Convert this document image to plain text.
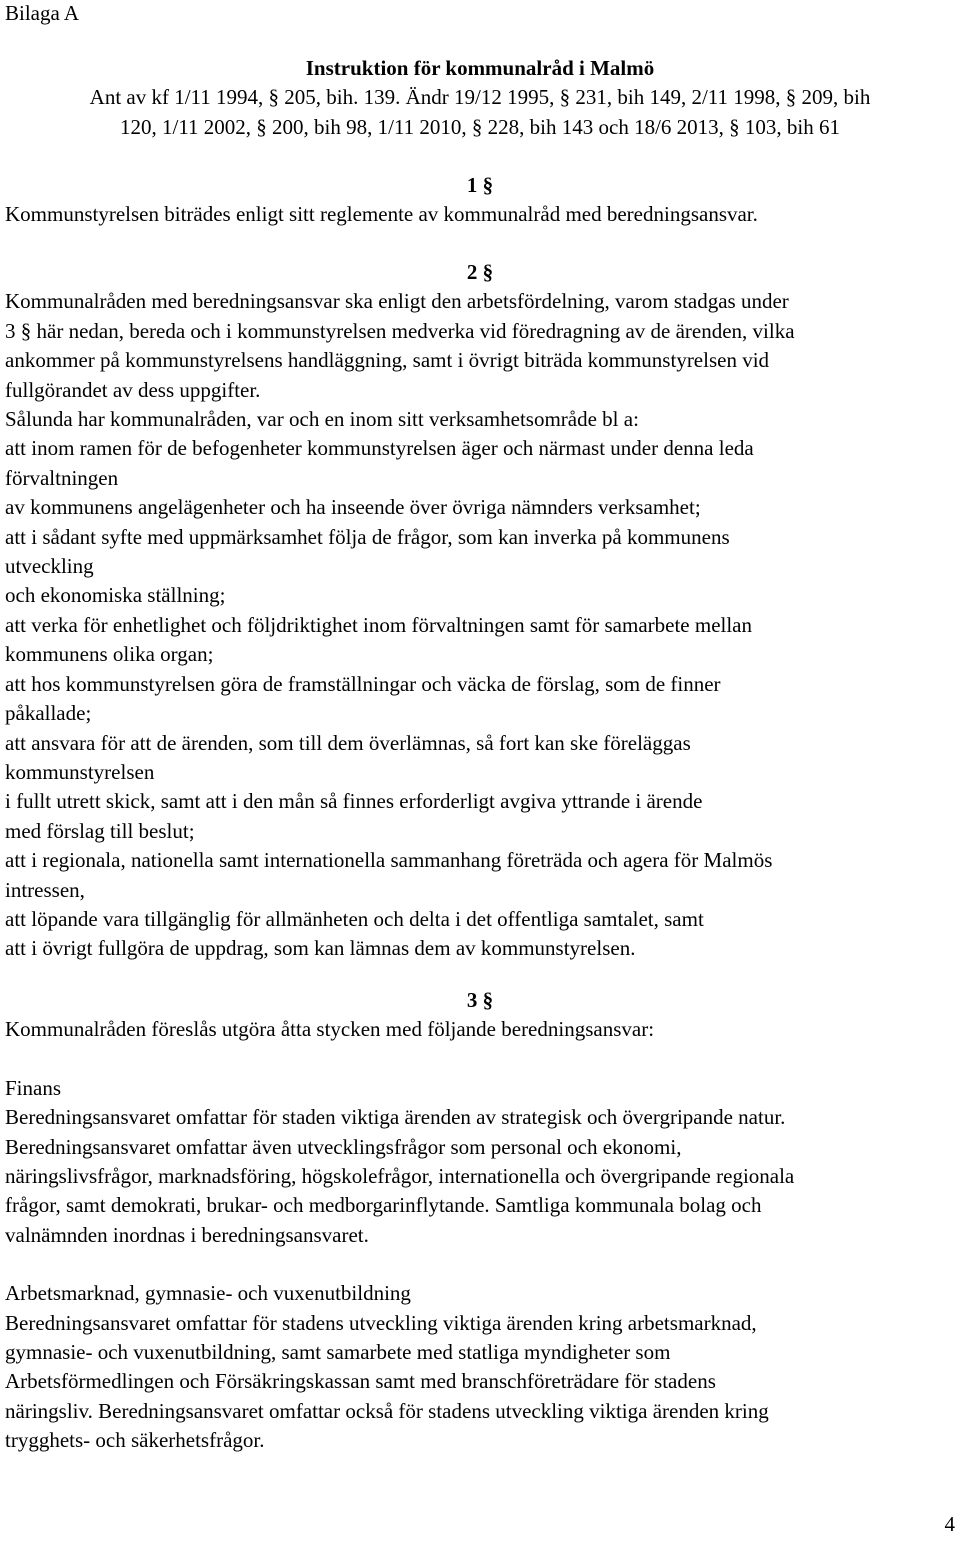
Bilaga A

Instruktion för kommunalråd i Malmö

Ant av kf 1/11 1994, § 205, bih. 139. Ändr 19/12 1995, § 231, bih 149, 2/11 1998, § 209, bih

120, 1/11 2002, § 200, bih 98, 1/11 2010, § 228, bih 143 och 18/6 2013, § 103, bih 61

1 §

Kommunstyrelsen biträdes enligt sitt reglemente av kommunalråd med beredningsansvar.

2 §

Kommunalråden med beredningsansvar ska enligt den arbetsfördelning, varom stadgas under

3 § här nedan, bereda och i kommunstyrelsen medverka vid föredragning av de ärenden, vilka

ankommer på kommunstyrelsens handläggning, samt i övrigt biträda kommunstyrelsen vid

fullgörandet av dess uppgifter.

Sålunda har kommunalråden, var och en inom sitt verksamhetsområde bl a:

att inom ramen för de befogenheter kommunstyrelsen äger och närmast under denna leda

förvaltningen

av kommunens angelägenheter och ha inseende över övriga nämnders verksamhet;

att i sådant syfte med uppmärksamhet följa de frågor, som kan inverka på kommunens

utveckling

och ekonomiska ställning;

att verka för enhetlighet och följdriktighet inom förvaltningen samt för samarbete mellan

kommunens olika organ;

att hos kommunstyrelsen göra de framställningar och väcka de förslag, som de finner

påkallade;

att ansvara för att de ärenden, som till dem överlämnas, så fort kan ske föreläggas

kommunstyrelsen

i fullt utrett skick, samt att i den mån så finnes erforderligt avgiva yttrande i ärende

med förslag till beslut;

att i regionala, nationella samt internationella sammanhang företräda och agera för Malmös

intressen,

att löpande vara tillgänglig för allmänheten och delta i det offentliga samtalet, samt

att i övrigt fullgöra de uppdrag, som kan lämnas dem av kommunstyrelsen.

3 §

Kommunalråden föreslås utgöra åtta stycken med följande beredningsansvar:

Finans

Beredningsansvaret omfattar för staden viktiga ärenden av strategisk och övergripande natur.

Beredningsansvaret omfattar även utvecklingsfrågor som personal och ekonomi,

näringslivsfrågor, marknadsföring, högskolefrågor, internationella och övergripande regionala

frågor, samt demokrati, brukar- och medborgarinflytande. Samtliga kommunala bolag och

valnämnden inordnas i beredningsansvaret.

Arbetsmarknad, gymnasie- och vuxenutbildning

Beredningsansvaret omfattar för stadens utveckling viktiga ärenden kring arbetsmarknad,

gymnasie- och vuxenutbildning, samt samarbete med statliga myndigheter som

Arbetsförmedlingen och Försäkringskassan samt med branschföreträdare för stadens

näringsliv. Beredningsansvaret omfattar också för stadens utveckling viktiga ärenden kring

trygghets- och säkerhetsfrågor.

4
